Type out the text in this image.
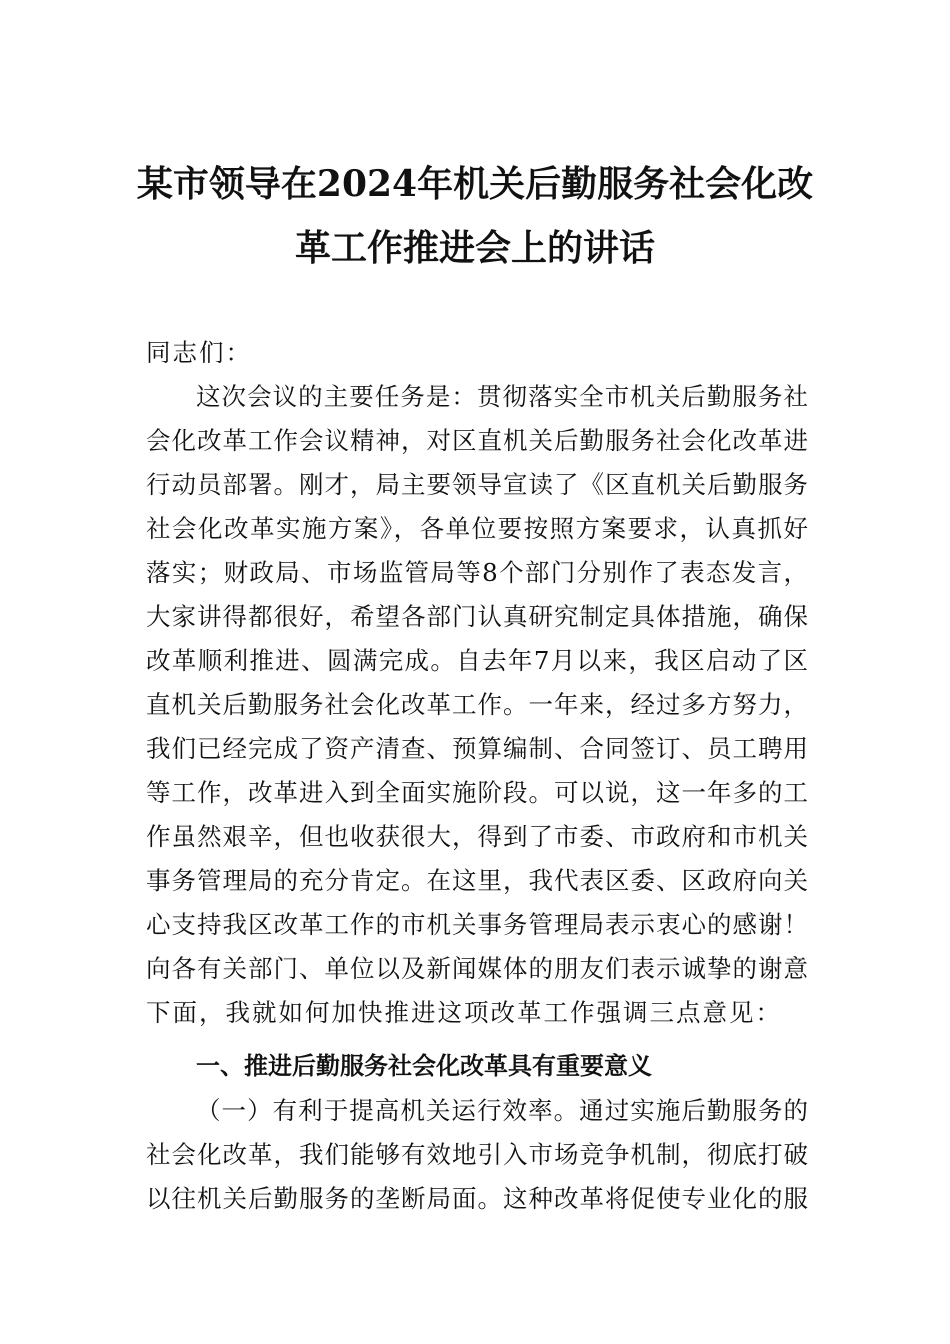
某市领导在2024年机关后勤服务社会化改
革工作推进会上的讲话
同志们：
这次会议的主要任务是：贯彻落实全市机关后勤服务社
会化改革工作会议精神，对区直机关后勤服务社会化改革进
行动员部署。刚才，局主要领导宣读了《区直机关后勤服务
社会化改革实施方案》，各单位要按照方案要求，认真抓好
落实；财政局、市场监管局等8个部门分别作了表态发言，
大家讲得都很好，希望各部门认真研究制定具体措施，确保
改革顺利推进、圆满完成。自去年7月以来，我区启动了区
直机关后勤服务社会化改革工作。一年来，经过多方努力，
我们已经完成了资产清查、预算编制、合同签订、员工聘用
等工作，改革进入到全面实施阶段。可以说，这一年多的工
作虽然艰辛，但也收获很大，得到了市委、市政府和市机关
事务管理局的充分肯定。在这里，我代表区委、区政府向关
心支持我区改革工作的市机关事务管理局表示衷心的感谢！
向各有关部门、单位以及新闻媒体的朋友们表示诚挚的谢意
下面，我就如何加快推进这项改革工作强调三点意见：
一、推进后勤服务社会化改革具有重要意义
（一）有利于提高机关运行效率。通过实施后勤服务的
社会化改革，我们能够有效地引入市场竞争机制，彻底打破
以往机关后勤服务的垄断局面。这种改革将促使专业化的服
